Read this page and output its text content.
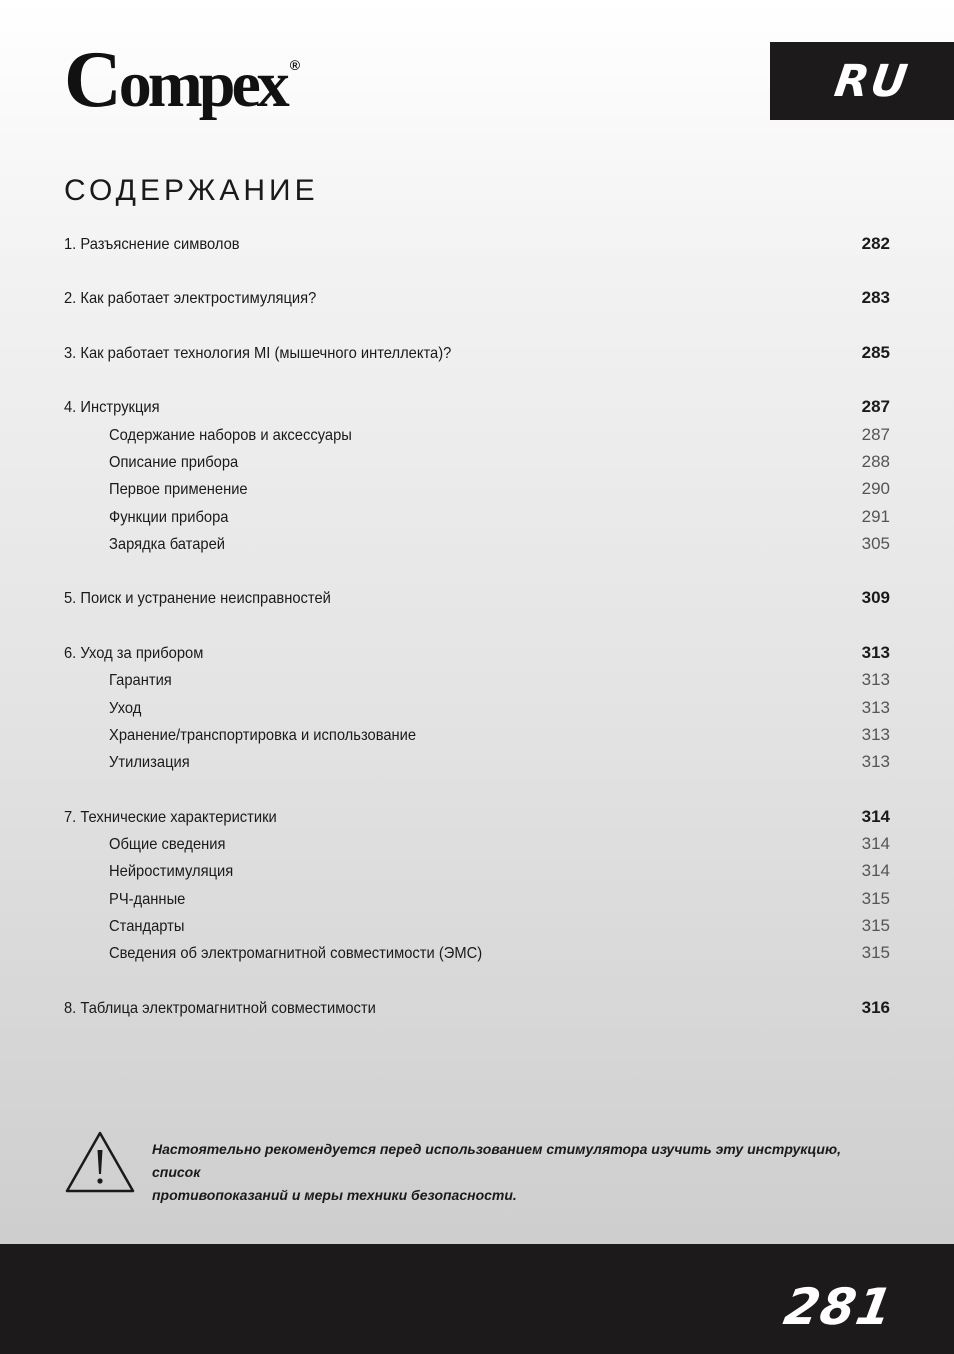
Compex ®	RU
СОДЕРЖАНИЕ
1. Разъяснение символов	282
2. Как работает электростимуляция?	283
3. Как работает технология MI (мышечного интеллекта)?	285
4. Инструкция	287
Содержание наборов и аксессуары	287
Описание прибора	288
Первое применение	290
Функции прибора	291
Зарядка батарей	305
5. Поиск и устранение неисправностей	309
6. Уход за прибором	313
Гарантия	313
Уход	313
Хранение/транспортировка и использование	313
Утилизация	313
7. Технические характеристики	314
Общие сведения	314
Нейростимуляция	314
РЧ-данные	315
Стандарты	315
Сведения об электромагнитной совместимости (ЭМС)	315
8. Таблица электромагнитной совместимости	316
Настоятельно рекомендуется перед использованием стимулятора изучить эту инструкцию, список
противопоказаний и меры техники безопасности.
281
